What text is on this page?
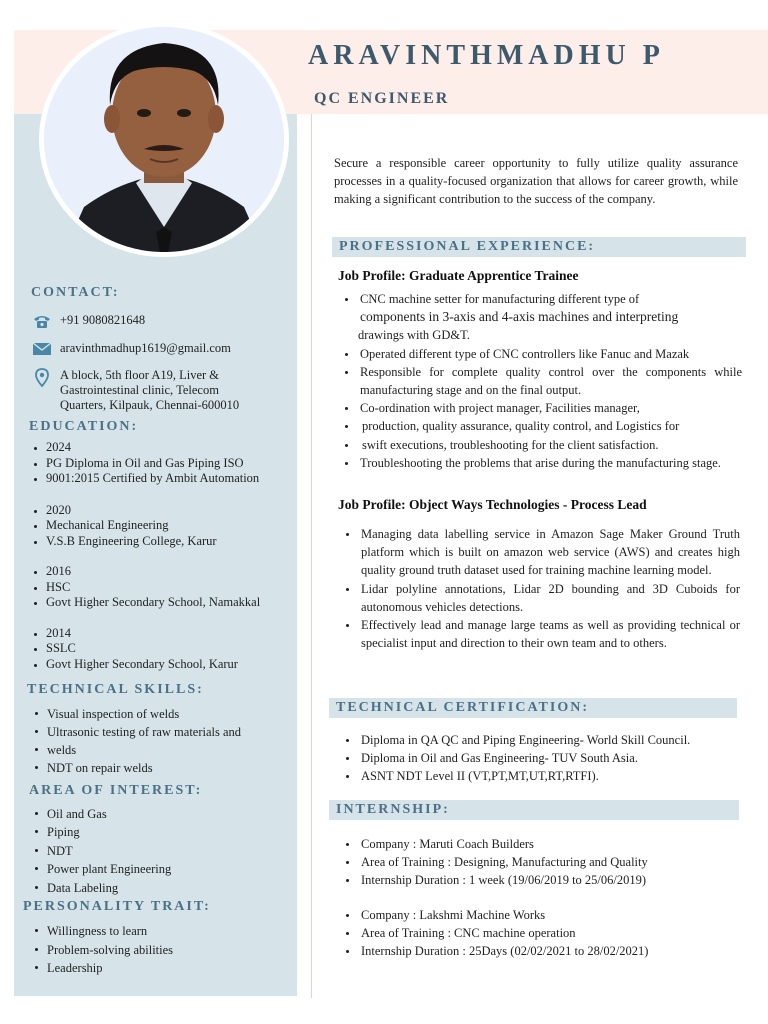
ARAVINTHMADHU P
QC ENGINEER
CONTACT:
+91 9080821648
aravinthmadhup1619@gmail.com
A block, 5th floor A19, Liver &
Gastrointestinal clinic, Telecom
Quarters, Kilpauk, Chennai-600010
EDUCATION:
2024
PG Diploma in Oil and Gas Piping ISO
9001:2015 Certified by Ambit Automation
2020
Mechanical Engineering
V.S.B Engineering College, Karur
2016
HSC
Govt Higher Secondary School, Namakkal
2014
SSLC
Govt Higher Secondary School, Karur
TECHNICAL SKILLS:
Visual inspection of welds
Ultrasonic testing of raw materials and
welds
NDT on repair welds
AREA OF INTEREST:
Oil and Gas
Piping
NDT
Power plant Engineering
Data Labeling
PERSONALITY TRAIT:
Willingness to learn
Problem-solving abilities
Leadership
Secure a responsible career opportunity to fully utilize quality assurance processes in a quality-focused organization that allows for career growth, while making a significant contribution to the success of the company.
PROFESSIONAL EXPERIENCE:
Job Profile: Graduate Apprentice Trainee
CNC machine setter for manufacturing different type of
components in 3-axis and 4-axis machines and interpreting
drawings with GD&T.
Operated different type of CNC controllers like Fanuc and Mazak
Responsible for complete quality control over the components while manufacturing stage and on the final output.
Co-ordination with project manager, Facilities manager,
production, quality assurance, quality control, and Logistics for
swift executions, troubleshooting for the client satisfaction.
Troubleshooting the problems that arise during the manufacturing stage.
Job Profile: Object Ways Technologies - Process Lead
Managing data labelling service in Amazon Sage Maker Ground Truth platform which is built on amazon web service (AWS) and creates high quality ground truth dataset used for training machine learning model.
Lidar polyline annotations, Lidar 2D bounding and 3D Cuboids for autonomous vehicles detections.
Effectively lead and manage large teams as well as providing technical or specialist input and direction to their own team and to others.
TECHNICAL CERTIFICATION:
Diploma in QA QC and Piping Engineering- World Skill Council.
Diploma in Oil and Gas Engineering- TUV South Asia.
ASNT NDT Level II (VT,PT,MT,UT,RT,RTFI).
INTERNSHIP:
Company : Maruti Coach Builders
Area of Training : Designing, Manufacturing and Quality
Internship Duration : 1 week (19/06/2019 to 25/06/2019)
Company : Lakshmi Machine Works
Area of Training : CNC machine operation
Internship Duration : 25Days (02/02/2021 to 28/02/2021)
